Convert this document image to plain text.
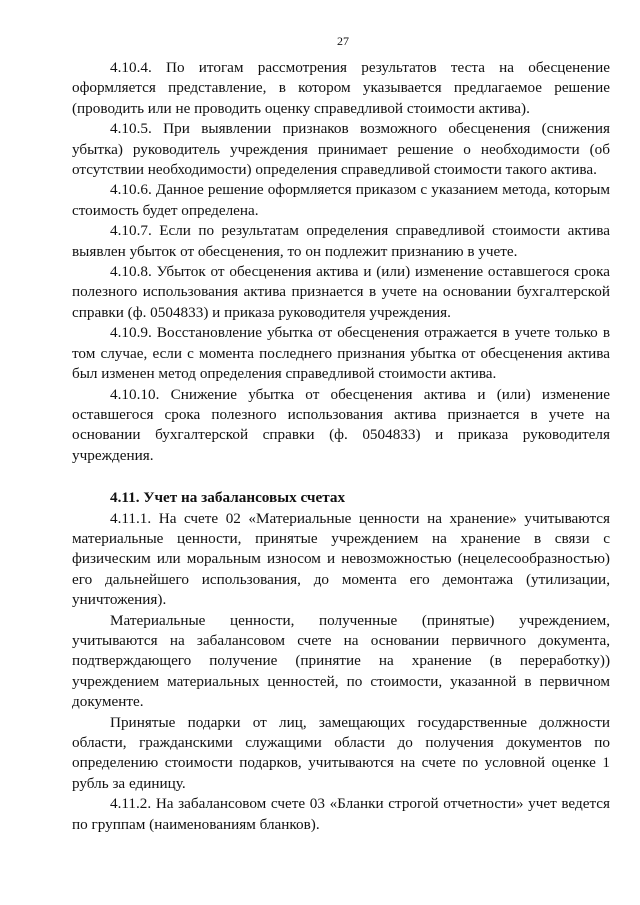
27

4.10.4. По итогам рассмотрения результатов теста на обесценение оформляется представление, в котором указывается предлагаемое решение (проводить или не проводить оценку справедливой стоимости актива).

4.10.5. При выявлении признаков возможного обесценения (снижения убытка) руководитель учреждения принимает решение о необходимости (об отсутствии необходимости) определения справедливой стоимости такого актива.

4.10.6. Данное решение оформляется приказом с указанием метода, которым стоимость будет определена.

4.10.7. Если по результатам определения справедливой стоимости актива выявлен убыток от обесценения, то он подлежит признанию в учете.

4.10.8. Убыток от обесценения актива и (или) изменение оставшегося срока полезного использования актива признается в учете на основании бухгалтерской справки (ф. 0504833) и приказа руководителя учреждения.

4.10.9. Восстановление убытка от обесценения отражается в учете только в том случае, если с момента последнего признания убытка от обесценения актива был изменен метод определения справедливой стоимости актива.

4.10.10. Снижение убытка от обесценения актива и (или) изменение оставшегося срока полезного использования актива признается в учете на основании бухгалтерской справки (ф. 0504833) и приказа руководителя учреждения.

4.11. Учет на забалансовых счетах

4.11.1. На счете 02 «Материальные ценности на хранение» учитываются материальные ценности, принятые учреждением на хранение в связи с физическим или моральным износом и невозможностью (нецелесообразностью) его дальнейшего использования, до момента его демонтажа (утилизации, уничтожения).

Материальные ценности, полученные (принятые) учреждением, учитываются на забалансовом счете на основании первичного документа, подтверждающего получение (принятие на хранение (в переработку)) учреждением материальных ценностей, по стоимости, указанной в первичном документе.

Принятые подарки от лиц, замещающих государственные должности области, гражданскими служащими области до получения документов по определению стоимости подарков, учитываются на счете по условной оценке 1 рубль за единицу.

4.11.2. На забалансовом счете 03 «Бланки строгой отчетности» учет ведется по группам (наименованиям бланков).
